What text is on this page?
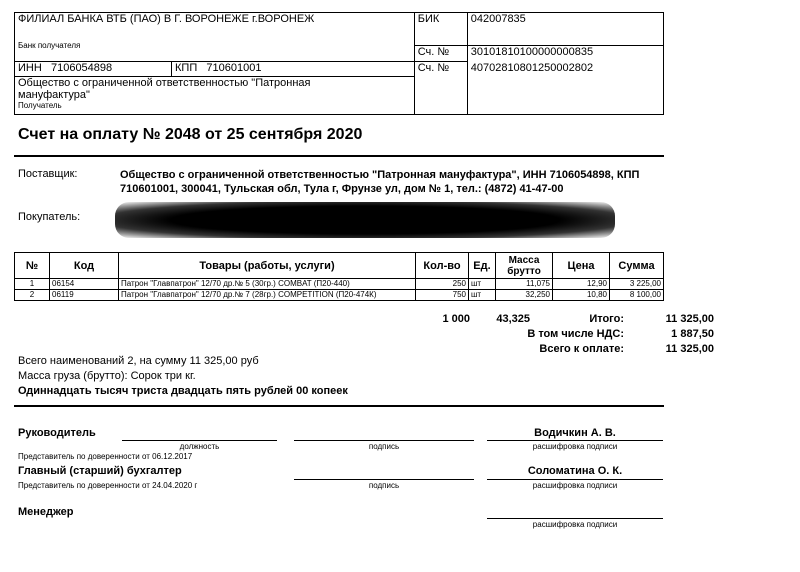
ФИЛИАЛ БАНКА ВТБ (ПАО) В Г. ВОРОНЕЖЕ г.ВОРОНЕЖ
Банк получателя		БИК	042007835
		Сч. №	30101810100000000835
ИНН 7106054898	КПП 710601001	Сч. №	40702810801250002802

Общество с ограниченной ответственностью "Патронная мануфактура"
Получатель			
Счет на оплату № 2048 от 25 сентября 2020
Поставщик:	Общество с ограниченной ответственностью "Патронная мануфактура", ИНН 7106054898, КПП 710601001, 300041, Тульская обл, Тула г, Фрунзе ул, дом № 1, тел.: (4872) 41-47-00
Покупатель:
№	Код	Товары (работы, услуги)	Кол-во	Ед.	Масса брутто	Цена	Сумма
1	06154	Патрон "Главпатрон" 12/70 др.№ 5 (30гр.) COMBAT (П20-440)	250	шт	11,075	12,90	3 225,00
2	06119	Патрон "Главпатрон" 12/70 др.№ 7 (28гр.) COMPETITION (П20-474К)	750	шт	32,250	10,80	8 100,00
1 000	43,325	Итого:	11 325,00
В том числе НДС:	1 887,50
Всего к оплате:	11 325,00
Всего наименований 2, на сумму 11 325,00 руб
Масса груза (брутто): Сорок три кг.
Одиннадцать тысяч триста двадцать пять рублей 00 копеек
Руководитель	Водичкин А. В.
должность	подпись	расшифровка подписи
Представитель по доверенности от 06.12.2017
Главный (старший) бухгалтер	Соломатина О. К.
Представитель по доверенности от 24.04.2020 г	подпись	расшифровка подписи
Менеджер
расшифровка подписи
